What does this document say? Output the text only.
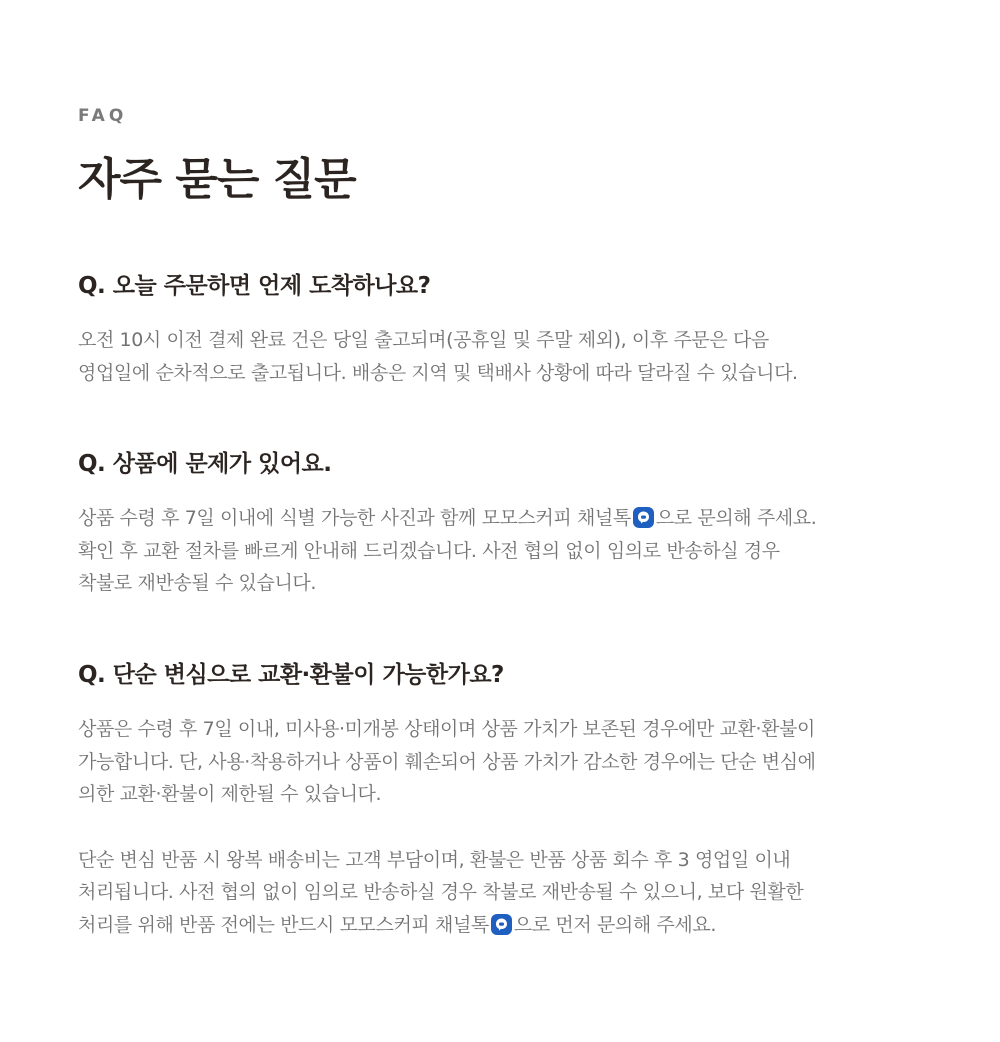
FAQ

자주 묻는 질문
Q. 오늘 주문하면 언제 도착하나요?
오전 10시 이전 결제 완료 건은 당일 출고되며(공휴일 및 주말 제외), 이후 주문은 다음
영업일에 순차적으로 출고됩니다. 배송은 지역 및 택배사 상황에 따라 달라질 수 있습니다.
Q. 상품에 문제가 있어요.
상품 수령 후 7일 이내에 식별 가능한 사진과 함께 모모스커피 채널톡 으로 문의해 주세요.
확인 후 교환 절차를 빠르게 안내해 드리겠습니다. 사전 협의 없이 임의로 반송하실 경우
착불로 재반송될 수 있습니다.
Q. 단순 변심으로 교환·환불이 가능한가요?
상품은 수령 후 7일 이내, 미사용·미개봉 상태이며 상품 가치가 보존된 경우에만 교환·환불이
가능합니다. 단, 사용·착용하거나 상품이 훼손되어 상품 가치가 감소한 경우에는 단순 변심에
의한 교환·환불이 제한될 수 있습니다.
단순 변심 반품 시 왕복 배송비는 고객 부담이며, 환불은 반품 상품 회수 후 3 영업일 이내
처리됩니다. 사전 협의 없이 임의로 반송하실 경우 착불로 재반송될 수 있으니, 보다 원활한
처리를 위해 반품 전에는 반드시 모모스커피 채널톡 으로 먼저 문의해 주세요.
